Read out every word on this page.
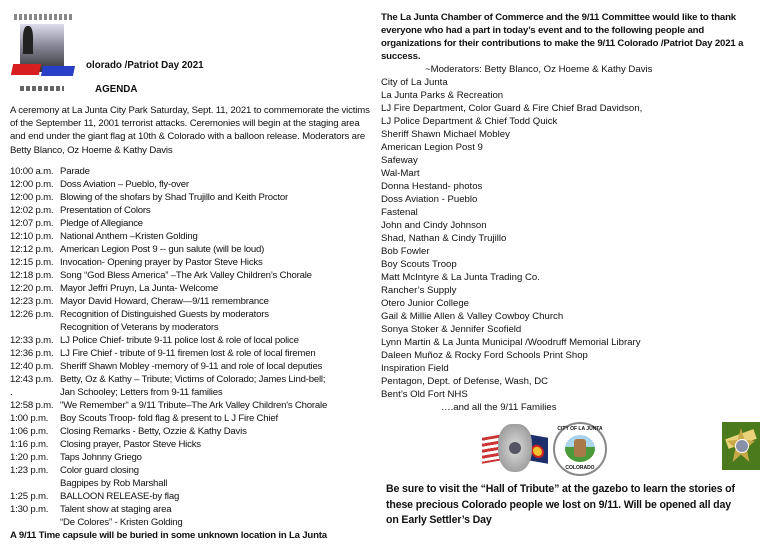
olorado /Patriot Day 2021
AGENDA
A ceremony at La Junta City Park Saturday, Sept. 11, 2021 to commemorate the victims of the September 11, 2001 terrorist attacks. Ceremonies will begin at the staging area and end under the giant flag at 10th & Colorado with a balloon release. Moderators are Betty Blanco, Oz Hoeme & Kathy Davis
10:00 a.m. Parade
12:00 p.m. Doss Aviation – Pueblo, fly-over
12:00 p.m. Blowing of the shofars by Shad Trujillo and Keith Proctor
12:02 p.m. Presentation of Colors
12:07 p.m. Pledge of Allegiance
12:10 p.m. National Anthem –Kristen Golding
12:12 p.m. American Legion Post 9 -- gun salute (will be loud)
12:15 p.m. Invocation- Opening prayer by Pastor Steve Hicks
12:18 p.m. Song “God Bless America” –The Ark Valley Children’s Chorale
12:20 p.m. Mayor Jeffri Pruyn, La Junta- Welcome
12:23 p.m. Mayor David Howard, Cheraw—9/11 remembrance
12:26 p.m. Recognition of Distinguished Guests by moderators
Recognition of Veterans by moderators
12:33 p.m. LJ Police Chief- tribute 9-11 police lost & role of local police
12:36 p.m. LJ Fire Chief - tribute of 9-11 firemen lost & role of local firemen
12:40 p.m. Sheriff Shawn Mobley -memory of 9-11 and role of local deputies
12:43 p.m. Betty, Oz & Kathy – Tribute; Victims of Colorado; James Lind-bell;
.	Jan Schooley; Letters from 9-11 families
12:58 p.m. "We Remember" a 9/11 Tribute–The Ark Valley Children's Chorale
1:00 p.m.	Boy Scouts Troop- fold flag & present to L J Fire Chief
1:06 p.m.	Closing Remarks - Betty, Ozzie & Kathy Davis
1:16 p.m.	Closing prayer, Pastor Steve Hicks
1:20 p.m.	Taps Johnny Griego
1:23 p.m.	Color guard closing
Bagpipes by Rob Marshall
1:25 p.m.	BALLOON RELEASE-by flag
1:30 p.m.	Talent show at staging area
“De Colores” - Kristen Golding
A 9/11 Time capsule will be buried in some unknown location in La Junta
The La Junta Chamber of Commerce and the 9/11 Committee would like to thank everyone who had a part in today’s event and to the following people and organizations for their contributions to make the 9/11 Colorado /Patriot Day 2021 a success.
~Moderators: Betty Blanco, Oz Hoeme & Kathy Davis
City of La Junta
La Junta Parks & Recreation
LJ Fire Department, Color Guard & Fire Chief Brad Davidson,
LJ Police Department & Chief Todd Quick
Sheriff Shawn Michael Mobley
American Legion Post 9
Safeway
Wal-Mart
Donna Hestand- photos
Doss Aviation - Pueblo
Fastenal
John and Cindy Johnson
Shad, Nathan & Cindy Trujillo
Bob Fowler
Boy Scouts Troop
Matt McIntyre & La Junta Trading Co.
Rancher’s Supply
Otero Junior College
Gail & Millie Allen & Valley Cowboy Church
Sonya Stoker & Jennifer Scofield
Lynn Martin & La Junta Municipal /Woodruff Memorial Library
Daleen Muñoz & Rocky Ford Schools Print Shop
Inspiration Field
Pentagon, Dept. of Defense, Wash, DC
Bent’s Old Fort NHS
….and all the 9/11 Families
CITY OF LA JUNTA
COLORADO
Be sure to visit the “Hall of Tribute” at the gazebo to learn the stories of these precious Colorado people we lost on 9/11. Will be opened all day on Early Settler’s Day
